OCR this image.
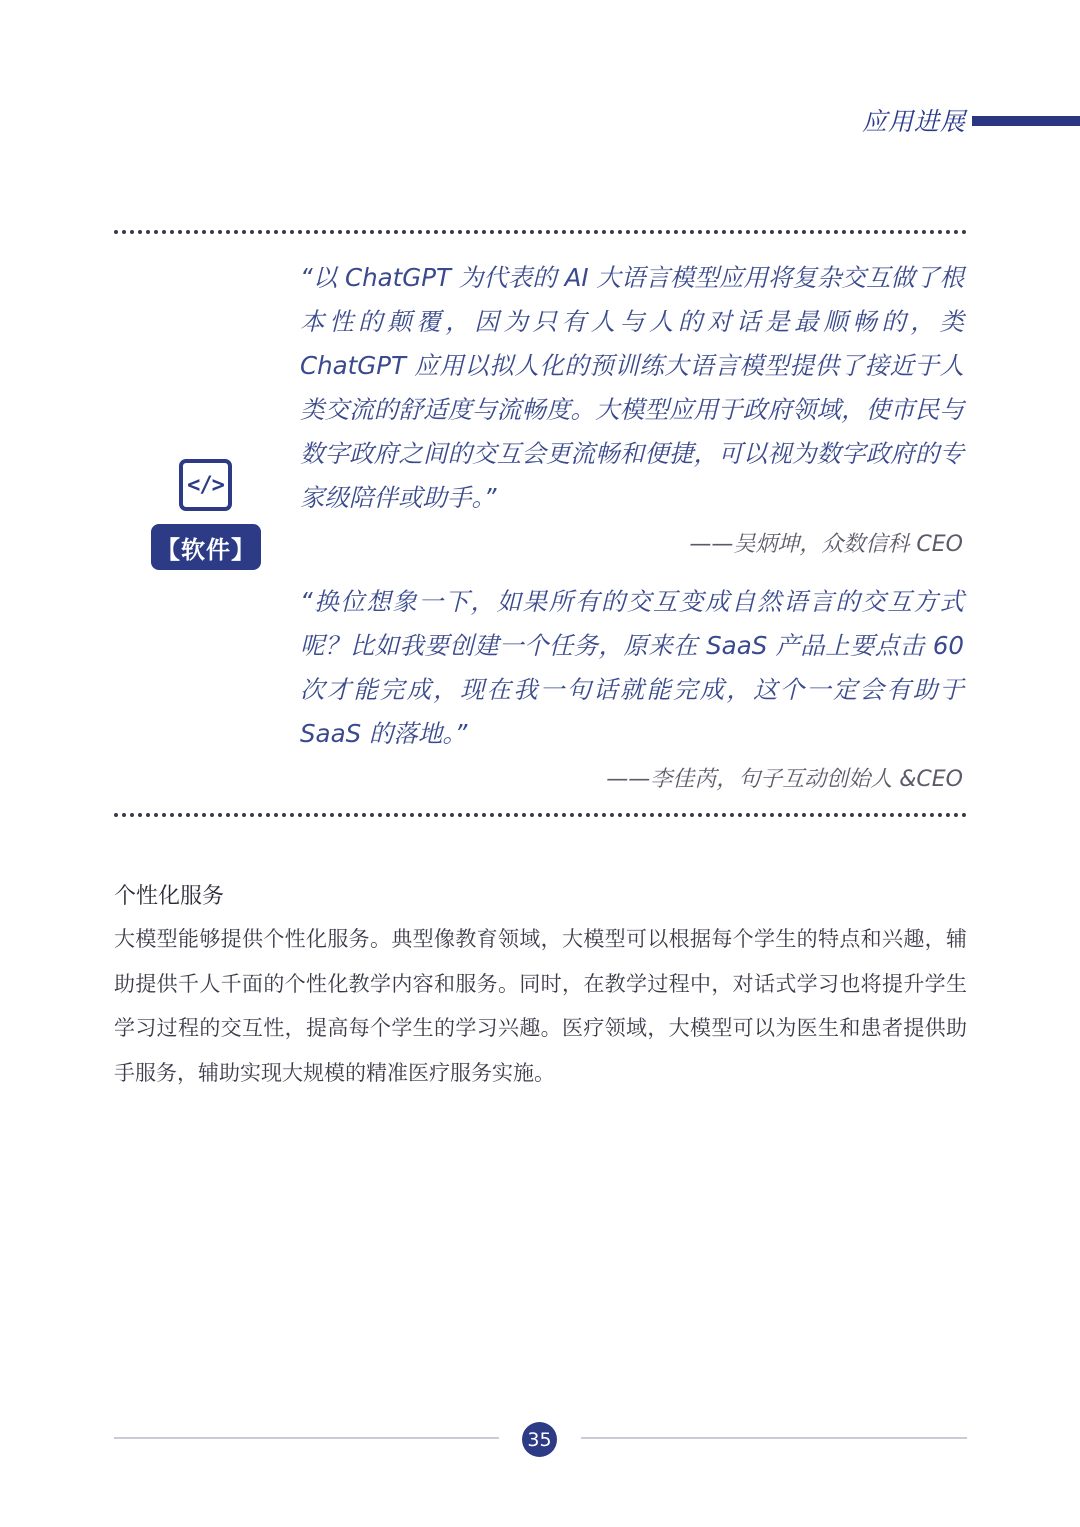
应用进展
</>
【软件】
“以 ChatGPT 为代表的 AI 大语言模型应用将复杂交互做了根本性的颠覆，因为只有人与人的对话是最顺畅的，类 ChatGPT 应用以拟人化的预训练大语言模型提供了接近于人类交流的舒适度与流畅度。大模型应用于政府领域，使市民与数字政府之间的交互会更流畅和便捷，可以视为数字政府的专家级陪伴或助手。”
——吴炳坤，众数信科 CEO
“换位想象一下，如果所有的交互变成自然语言的交互方式呢？比如我要创建一个任务，原来在 SaaS 产品上要点击 60 次才能完成，现在我一句话就能完成，这个一定会有助于 SaaS 的落地。”
——李佳芮，句子互动创始人 &CEO
个性化服务
大模型能够提供个性化服务。典型像教育领域，大模型可以根据每个学生的特点和兴趣，辅助提供千人千面的个性化教学内容和服务。同时，在教学过程中，对话式学习也将提升学生学习过程的交互性，提高每个学生的学习兴趣。医疗领域，大模型可以为医生和患者提供助手服务，辅助实现大规模的精准医疗服务实施。
35
